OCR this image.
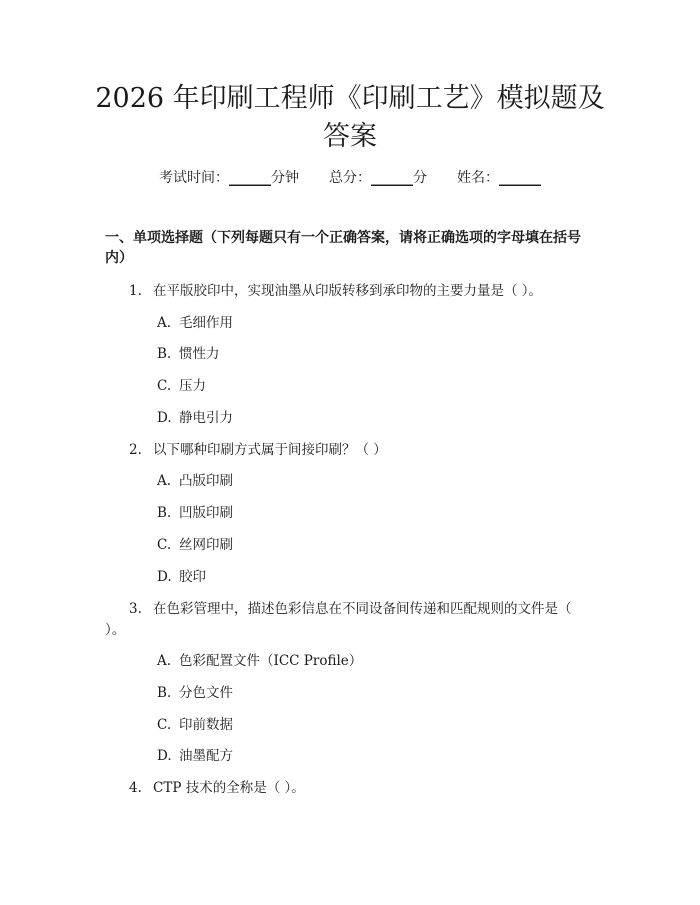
2026 年印刷工程师《印刷工艺》模拟题及答案
考试时间：______分钟 总分：______分 姓名：______
一、单项选择题（下列每题只有一个正确答案，请将正确选项的字母填在括号内）
1. 在平版胶印中，实现油墨从印版转移到承印物的主要力量是（ ）。
A. 毛细作用
B. 惯性力
C. 压力
D. 静电引力
2. 以下哪种印刷方式属于间接印刷？（ ）
A. 凸版印刷
B. 凹版印刷
C. 丝网印刷
D. 胶印
3. 在色彩管理中，描述色彩信息在不同设备间传递和匹配规则的文件是（ ）。
A. 色彩配置文件（ICC Profile）
B. 分色文件
C. 印前数据
D. 油墨配方
4. CTP 技术的全称是（ ）。
